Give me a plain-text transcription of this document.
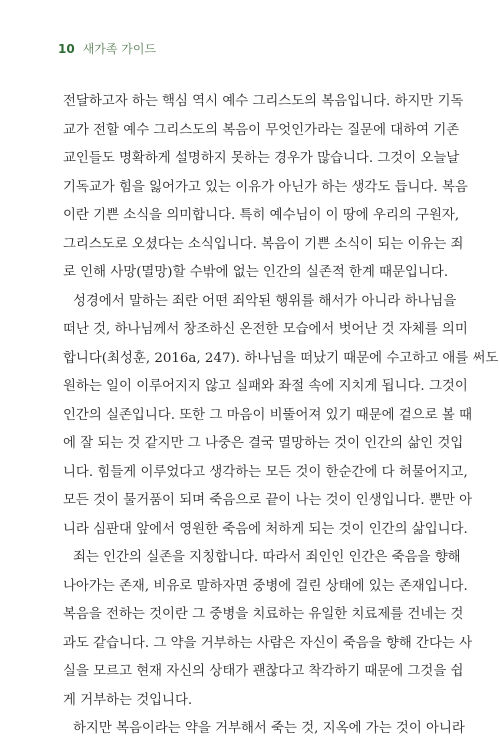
10 새가족 가이드
전달하고자 하는 핵심 역시 예수 그리스도의 복음입니다. 하지만 기독
교가 전할 예수 그리스도의 복음이 무엇인가라는 질문에 대하여 기존
교인들도 명확하게 설명하지 못하는 경우가 많습니다. 그것이 오늘날
기독교가 힘을 잃어가고 있는 이유가 아닌가 하는 생각도 듭니다. 복음
이란 기쁜 소식을 의미합니다. 특히 예수님이 이 땅에 우리의 구원자,
그리스도로 오셨다는 소식입니다. 복음이 기쁜 소식이 되는 이유는 죄
로 인해 사망(멸망)할 수밖에 없는 인간의 실존적 한계 때문입니다.
성경에서 말하는 죄란 어떤 죄악된 행위를 해서가 아니라 하나님을
떠난 것, 하나님께서 창조하신 온전한 모습에서 벗어난 것 자체를 의미
합니다(최성훈, 2016a, 247). 하나님을 떠났기 때문에 수고하고 애를 써도
원하는 일이 이루어지지 않고 실패와 좌절 속에 지치게 됩니다. 그것이
인간의 실존입니다. 또한 그 마음이 비뚤어져 있기 때문에 겉으로 볼 때
에 잘 되는 것 같지만 그 나중은 결국 멸망하는 것이 인간의 삶인 것입
니다. 힘들게 이루었다고 생각하는 모든 것이 한순간에 다 허물어지고,
모든 것이 물거품이 되며 죽음으로 끝이 나는 것이 인생입니다. 뿐만 아
니라 심판대 앞에서 영원한 죽음에 처하게 되는 것이 인간의 삶입니다.
죄는 인간의 실존을 지칭합니다. 따라서 죄인인 인간은 죽음을 향해
나아가는 존재, 비유로 말하자면 중병에 걸린 상태에 있는 존재입니다.
복음을 전하는 것이란 그 중병을 치료하는 유일한 치료제를 건네는 것
과도 같습니다. 그 약을 거부하는 사람은 자신이 죽음을 향해 간다는 사
실을 모르고 현재 자신의 상태가 괜찮다고 착각하기 때문에 그것을 쉽
게 거부하는 것입니다.
하지만 복음이라는 약을 거부해서 죽는 것, 지옥에 가는 것이 아니라
